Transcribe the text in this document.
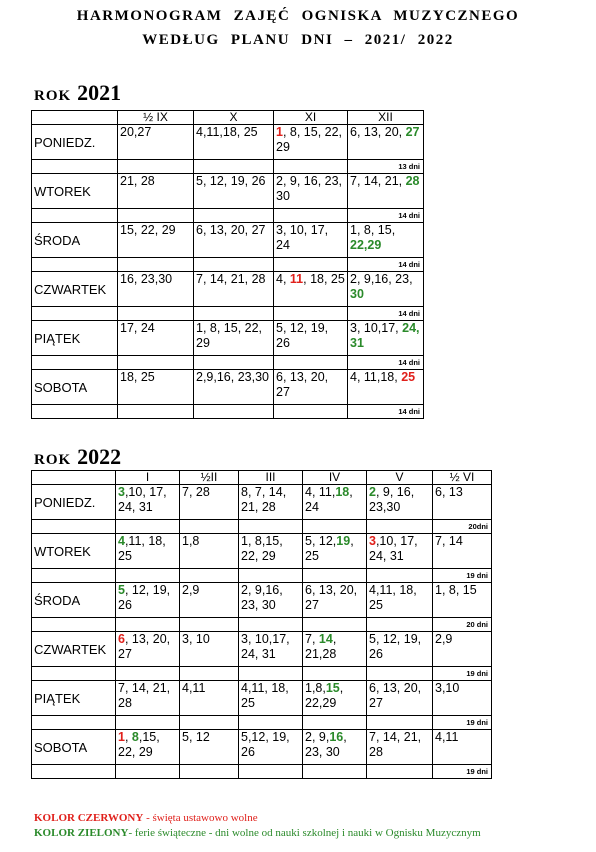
HARMONOGRAM ZAJĘĆ OGNISKA MUZYCZNEGO
WEDŁUG PLANU DNI – 2021/ 2022
ROK 2021
	½ IX	X	XI	XII
PONIEDZ.	20,27	4,11,18, 25	1, 8, 15, 22, 29	6, 13, 20, 27
				13 dni
WTOREK	21, 28	5, 12, 19, 26	2, 9, 16, 23, 30	7, 14, 21, 28
				14 dni
ŚRODA	15, 22, 29	6, 13, 20, 27	3, 10, 17, 24	1, 8, 15, 22,29
				14 dni
CZWARTEK	16, 23,30	7, 14, 21, 28	4, 11, 18, 25	2, 9,16, 23, 30
				14 dni
PIĄTEK	17, 24	1, 8, 15, 22, 29	5, 12, 19, 26	3, 10,17, 24, 31
				14 dni
SOBOTA	18, 25	2,9,16, 23,30	6, 13, 20, 27	4, 11,18, 25
				14 dni
ROK 2022
	I	½II	III	IV	V	½ VI
PONIEDZ.	3,10, 17, 24, 31	7, 28	8, 7, 14, 21, 28	4, 11,18, 24	2, 9, 16, 23,30	6, 13
						20dni
WTOREK	4,11, 18, 25	1,8	1, 8,15, 22, 29	5, 12,19, 25	3,10, 17, 24, 31	7, 14
						19 dni
ŚRODA	5, 12, 19, 26	2,9	2, 9,16, 23, 30	6, 13, 20, 27	4,11, 18, 25	1, 8, 15
						20 dni
CZWARTEK	6, 13, 20, 27	3, 10	3, 10,17, 24, 31	7, 14, 21,28	5, 12, 19, 26	2,9
						19 dni
PIĄTEK	7, 14, 21, 28	4,11	4,11, 18, 25	1,8,15, 22,29	6, 13, 20, 27	3,10
						19 dni
SOBOTA	1, 8,15, 22, 29	5, 12	5,12, 19, 26	2, 9,16, 23, 30	7, 14, 21, 28	4,11
						19 dni
KOLOR CZERWONY - święta ustawowo wolne
KOLOR ZIELONY- ferie świąteczne - dni wolne od nauki szkolnej i nauki w Ognisku Muzycznym
